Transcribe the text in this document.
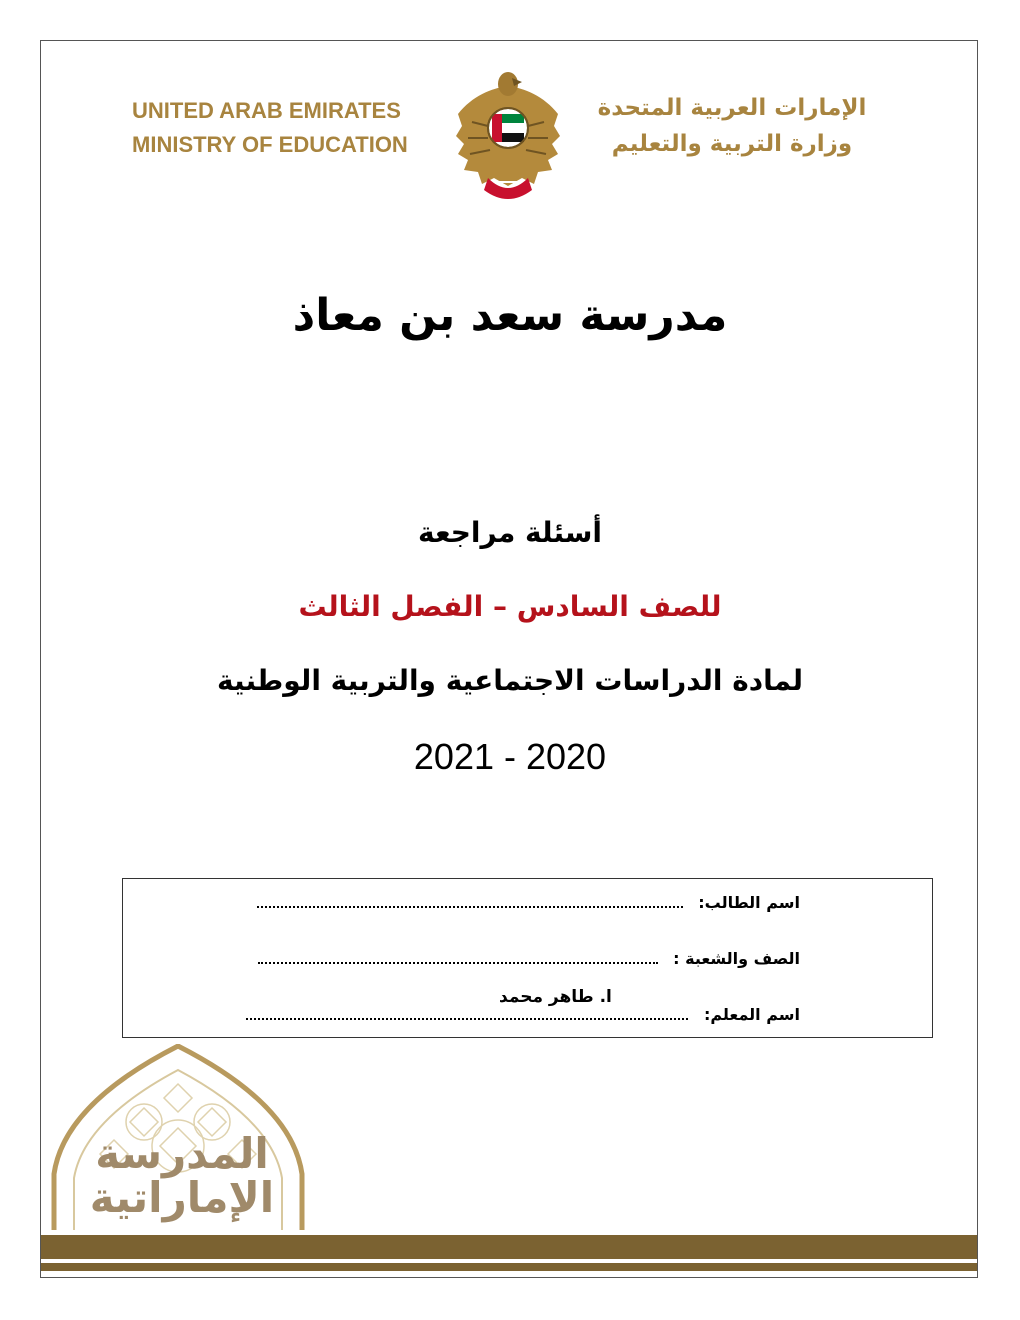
UNITED ARAB EMIRATES
MINISTRY OF EDUCATION
الإمارات العربية المتحدة
وزارة التربية والتعليم
مدرسة سعد بن معاذ
أسئلة مراجعة
للصف السادس – الفصل الثالث
لمادة الدراسات الاجتماعية والتربية الوطنية
2021 - 2020
اسم الطالب:
الصف والشعبة :
ا. طاهر محمد
اسم المعلم:
المدرسة
الإماراتية
